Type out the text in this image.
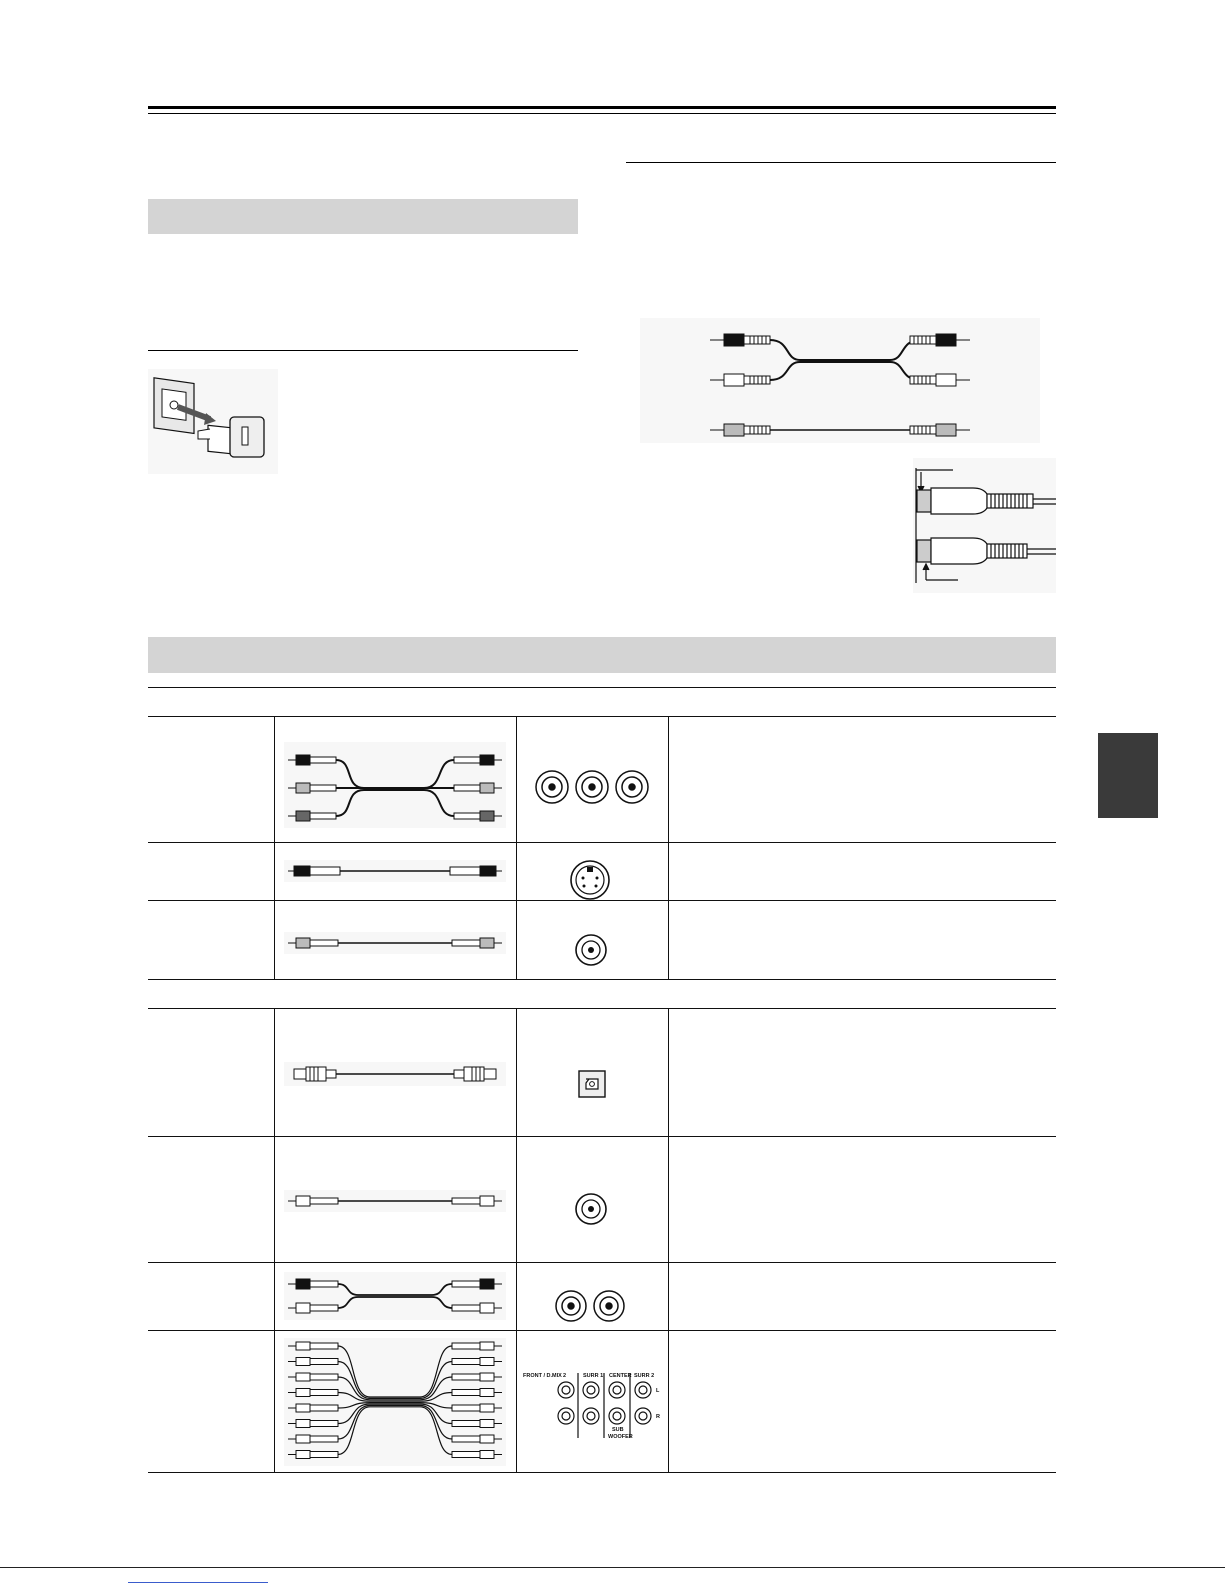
FRONT / D.MIX 2	SURR 1 CENTER SURR 2
L
R
SUB
WOOFER
